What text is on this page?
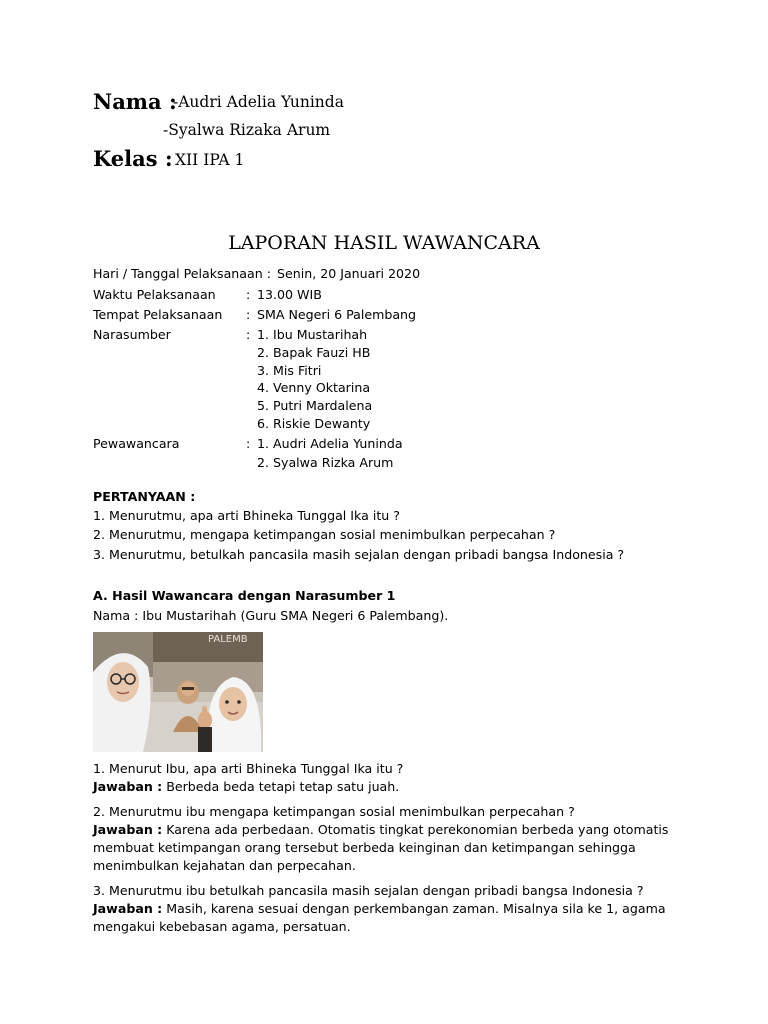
Nama :
-Audri Adelia Yuninda
-Syalwa Rizaka Arum
Kelas : XII IPA 1
LAPORAN HASIL WAWANCARA
Hari / Tanggal Pelaksanaan : Senin, 20 Januari 2020
Waktu Pelaksanaan : 13.00 WIB
Tempat Pelaksanaan : SMA Negeri 6 Palembang
Narasumber	: 1. Ibu Mustarihah
2. Bapak Fauzi HB
3. Mis Fitri
4. Venny Oktarina
5. Putri Mardalena
6. Riskie Dewanty
Pewawancara	: 1. Audri Adelia Yuninda
2. Syalwa Rizka Arum
PERTANYAAN :
1. Menurutmu, apa arti Bhineka Tunggal Ika itu ?
2. Menurutmu, mengapa ketimpangan sosial menimbulkan perpecahan ?
3. Menurutmu, betulkah pancasila masih sejalan dengan pribadi bangsa Indonesia ?
A. Hasil Wawancara dengan Narasumber 1
Nama : Ibu Mustarihah (Guru SMA Negeri 6 Palembang).
PALEMB
1. Menurut Ibu, apa arti Bhineka Tunggal Ika itu ?
Jawaban : Berbeda beda tetapi tetap satu juah.
2. Menurutmu ibu mengapa ketimpangan sosial menimbulkan perpecahan ?
Jawaban : Karena ada perbedaan. Otomatis tingkat perekonomian berbeda yang otomatis
membuat ketimpangan orang tersebut berbeda keinginan dan ketimpangan sehingga
menimbulkan kejahatan dan perpecahan.
3. Menurutmu ibu betulkah pancasila masih sejalan dengan pribadi bangsa Indonesia ?
Jawaban : Masih, karena sesuai dengan perkembangan zaman. Misalnya sila ke 1, agama
mengakui kebebasan agama, persatuan.
